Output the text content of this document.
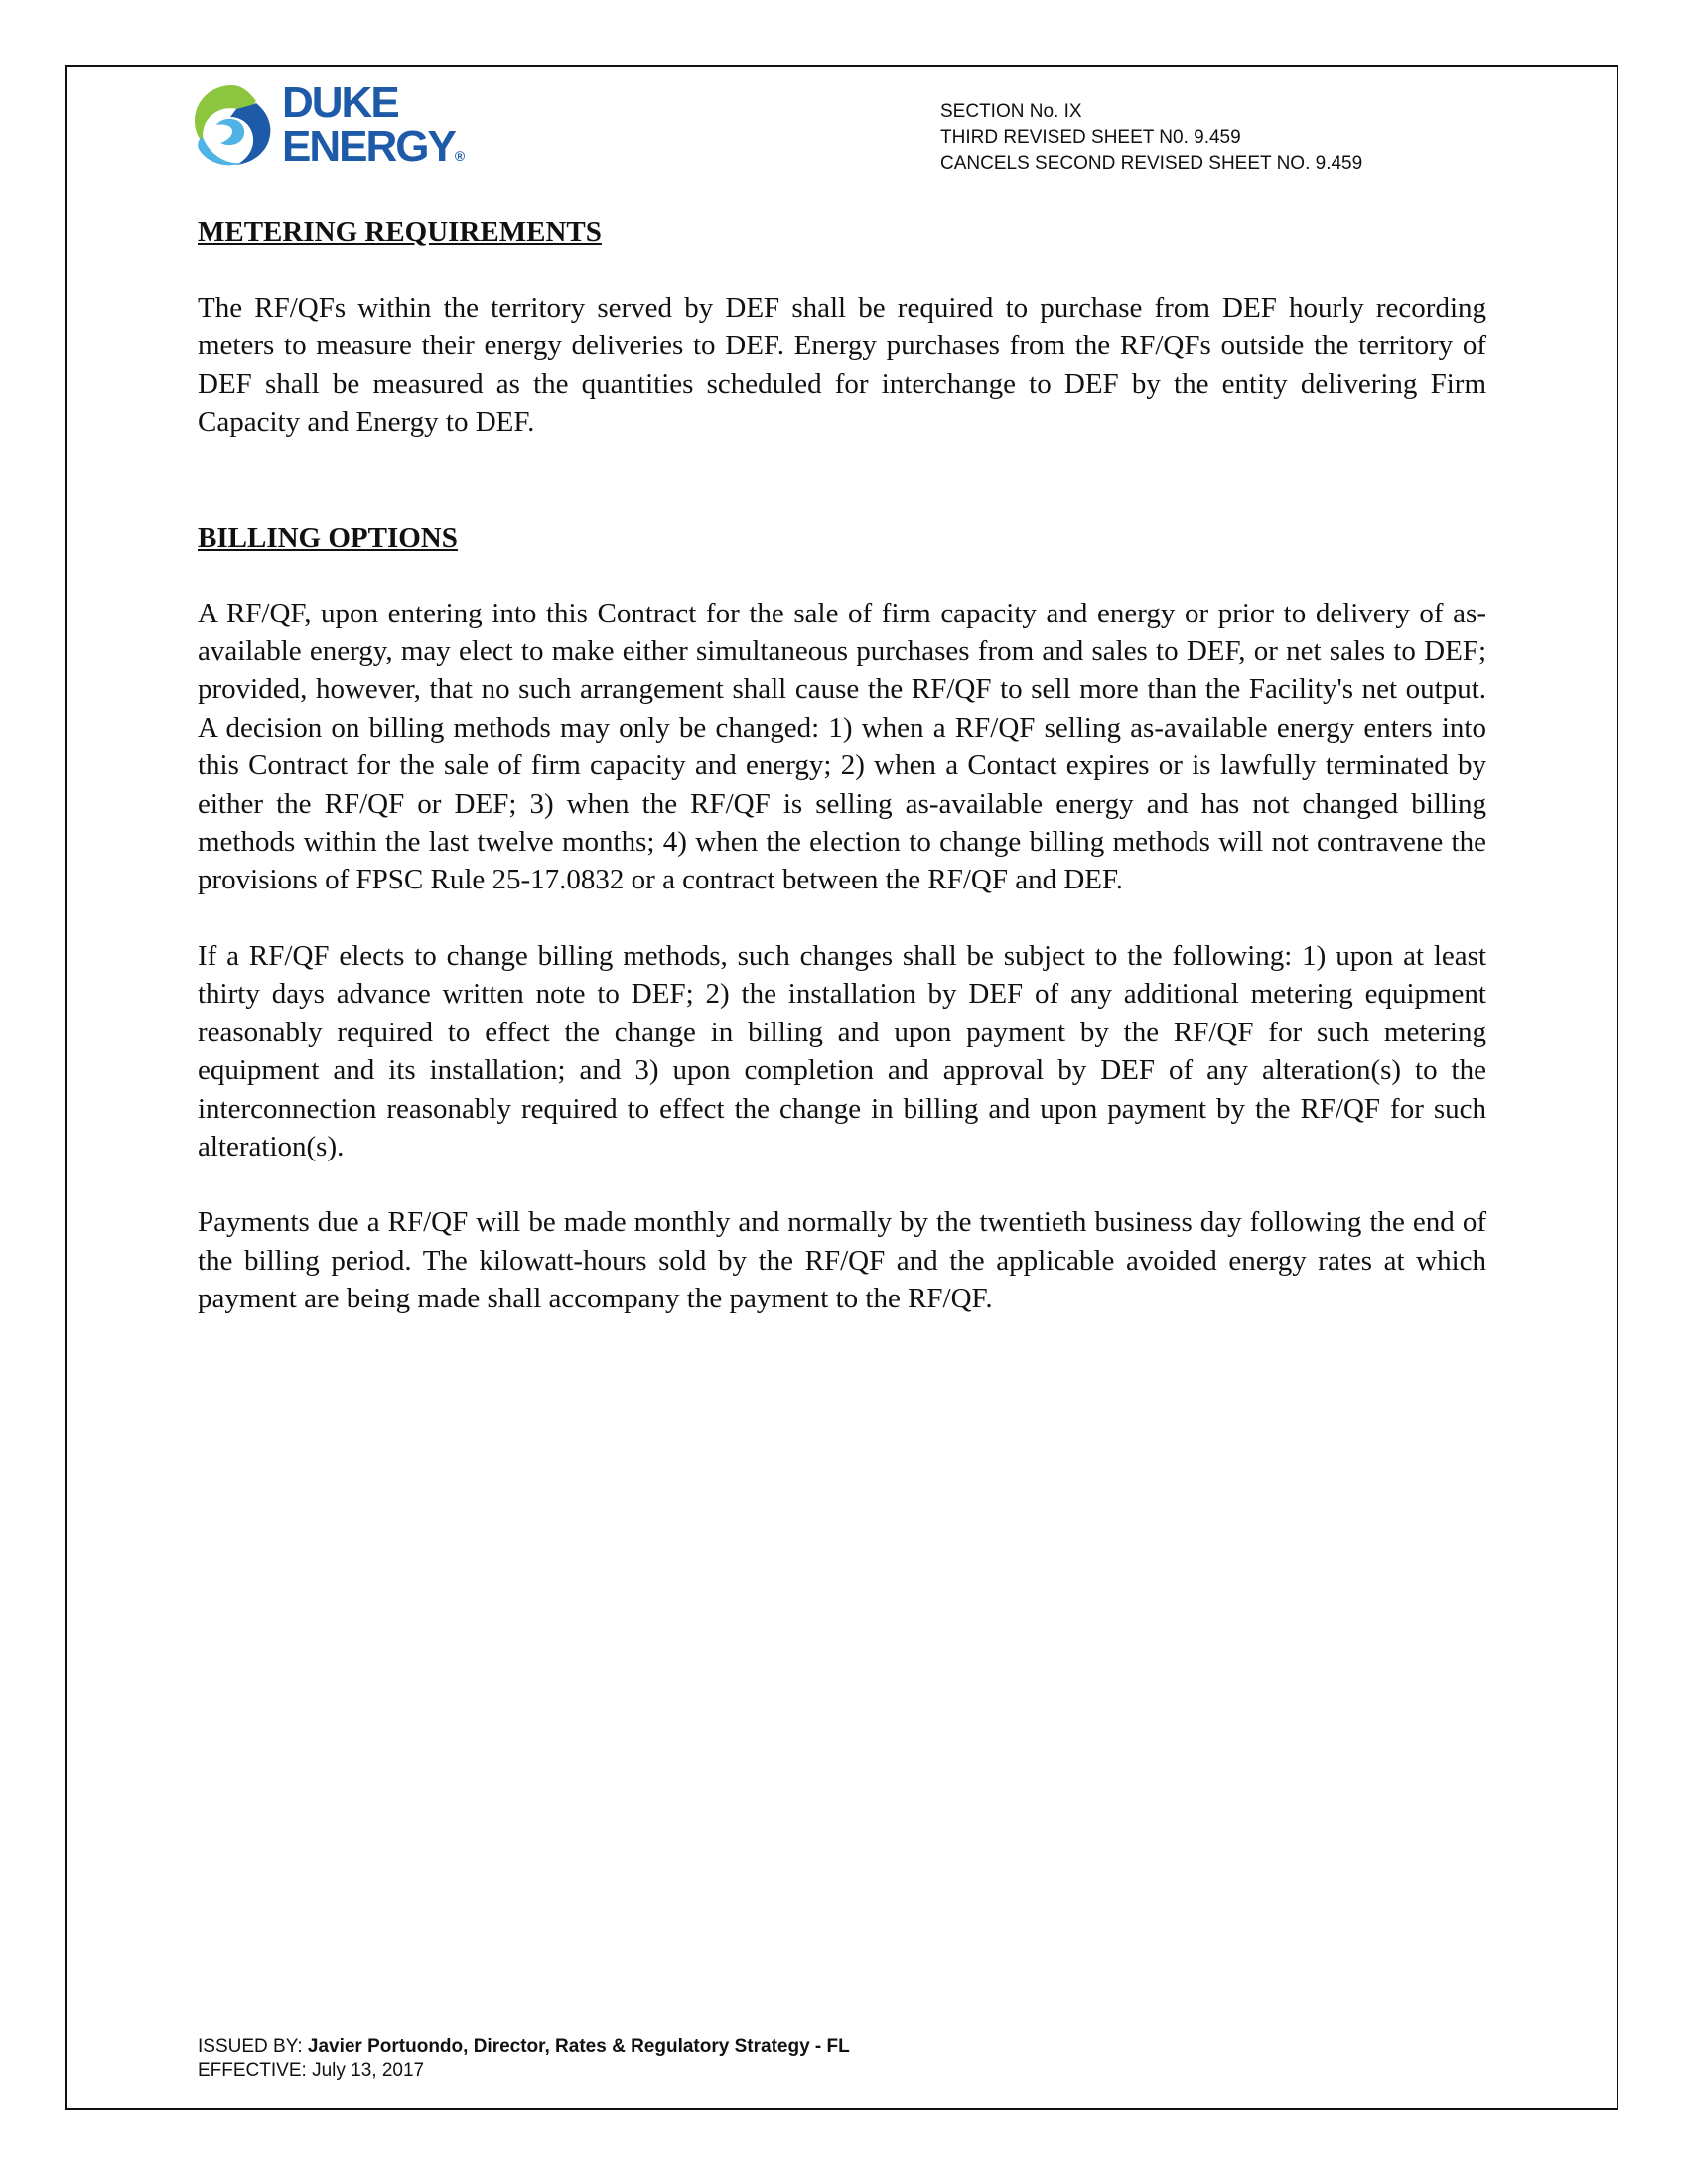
DUKE
ENERGY®
SECTION No. IX
THIRD REVISED SHEET N0. 9.459
CANCELS SECOND REVISED SHEET NO. 9.459
METERING REQUIREMENTS

The RF/QFs within the territory served by DEF shall be required to purchase from DEF hourly recording meters to measure their energy deliveries to DEF. Energy purchases from the RF/QFs outside the territory of DEF shall be measured as the quantities scheduled for interchange to DEF by the entity delivering Firm Capacity and Energy to DEF.

BILLING OPTIONS

A RF/QF, upon entering into this Contract for the sale of firm capacity and energy or prior to delivery of as-available energy, may elect to make either simultaneous purchases from and sales to DEF, or net sales to DEF; provided, however, that no such arrangement shall cause the RF/QF to sell more than the Facility's net output. A decision on billing methods may only be changed: 1) when a RF/QF selling as-available energy enters into this Contract for the sale of firm capacity and energy; 2) when a Contact expires or is lawfully terminated by either the RF/QF or DEF; 3) when the RF/QF is selling as-available energy and has not changed billing methods within the last twelve months; 4) when the election to change billing methods will not contravene the provisions of FPSC Rule 25-17.0832 or a contract between the RF/QF and DEF.

If a RF/QF elects to change billing methods, such changes shall be subject to the following: 1) upon at least thirty days advance written note to DEF; 2) the installation by DEF of any additional metering equipment reasonably required to effect the change in billing and upon payment by the RF/QF for such metering equipment and its installation; and 3) upon completion and approval by DEF of any alteration(s) to the interconnection reasonably required to effect the change in billing and upon payment by the RF/QF for such alteration(s).

Payments due a RF/QF will be made monthly and normally by the twentieth business day following the end of the billing period. The kilowatt-hours sold by the RF/QF and the applicable avoided energy rates at which payment are being made shall accompany the payment to the RF/QF.

ISSUED BY: Javier Portuondo, Director, Rates & Regulatory Strategy - FL
EFFECTIVE: July 13, 2017
